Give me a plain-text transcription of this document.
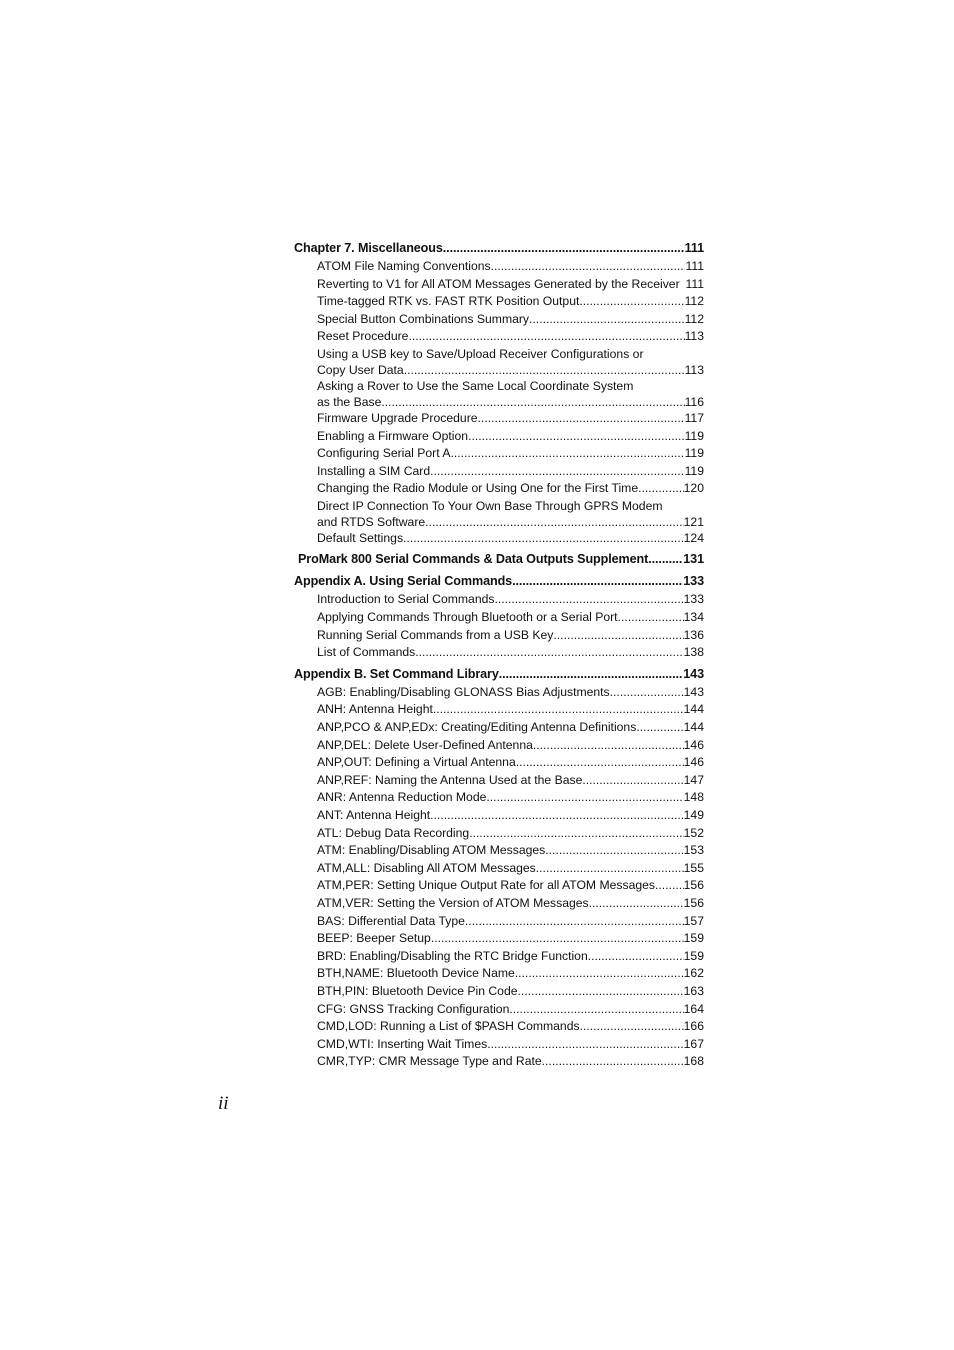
Chapter 7. Miscellaneous .....	111
ATOM File Naming Conventions .....	111
Reverting to V1 for All ATOM Messages Generated by the Receiver 111
Time-tagged RTK vs. FAST RTK Position Output .....	112
Special Button Combinations Summary .....	112
Reset Procedure .....	113
Using a USB key to Save/Upload Receiver Configurations or
Copy User Data .....	113
Asking a Rover to Use the Same Local Coordinate System
as the Base .....	116
Firmware Upgrade Procedure .....	117
Enabling a Firmware Option .....	119
Configuring Serial Port A .....	119
Installing a SIM Card .....	119
Changing the Radio Module or Using One for the First Time .....	120
Direct IP Connection To Your Own Base Through GPRS Modem
and RTDS Software .....	121
Default Settings .....	124
ProMark 800 Serial Commands & Data Outputs Supplement .....	131
Appendix A. Using Serial Commands .....	133
Introduction to Serial Commands .....	133
Applying Commands Through Bluetooth or a Serial Port .....	134
Running Serial Commands from a USB Key .....	136
List of Commands .....	138
Appendix B. Set Command Library .....	143
AGB: Enabling/Disabling GLONASS Bias Adjustments .....	143
ANH: Antenna Height .....	144
ANP,PCO & ANP,EDx: Creating/Editing Antenna Definitions .....	144
ANP,DEL: Delete User-Defined Antenna .....	146
ANP,OUT: Defining a Virtual Antenna .....	146
ANP,REF: Naming the Antenna Used at the Base .....	147
ANR: Antenna Reduction Mode .....	148
ANT: Antenna Height .....	149
ATL: Debug Data Recording .....	152
ATM: Enabling/Disabling ATOM Messages .....	153
ATM,ALL: Disabling All ATOM Messages .....	155
ATM,PER: Setting Unique Output Rate for all ATOM Messages ..... 156
ATM,VER: Setting the Version of ATOM Messages .....	156
BAS: Differential Data Type .....	157
BEEP: Beeper Setup .....	159
BRD: Enabling/Disabling the RTC Bridge Function .....	159
BTH,NAME: Bluetooth Device Name .....	162
BTH,PIN: Bluetooth Device Pin Code .....	163
CFG: GNSS Tracking Configuration .....	164
CMD,LOD: Running a List of $PASH Commands .....	166
CMD,WTI: Inserting Wait Times .....	167
CMR,TYP: CMR Message Type and Rate .....	168
ii
